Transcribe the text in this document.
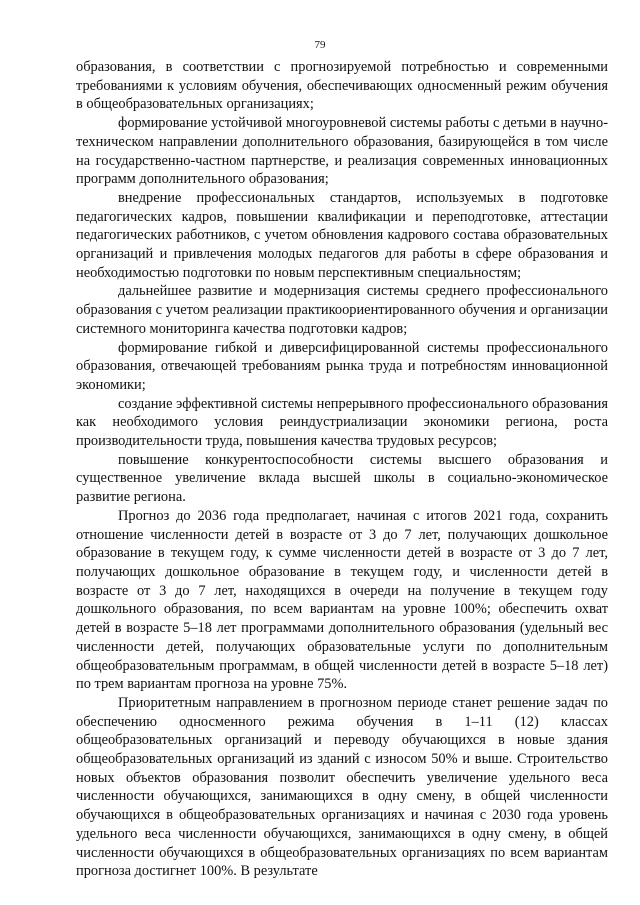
79

образования, в соответствии с прогнозируемой потребностью и современными требованиями к условиям обучения, обеспечивающих односменный режим обучения в общеобразовательных организациях;

формирование устойчивой многоуровневой системы работы с детьми в научно-техническом направлении дополнительного образования, базирующейся в том числе на государственно-частном партнерстве, и реализация современных инновационных программ дополнительного образования;

внедрение профессиональных стандартов, используемых в подготовке педагогических кадров, повышении квалификации и переподготовке, аттестации педагогических работников, с учетом обновления кадрового состава образовательных организаций и привлечения молодых педагогов для работы в сфере образования и необходимостью подготовки по новым перспективным специальностям;

дальнейшее развитие и модернизация системы среднего профессионального образования с учетом реализации практикоориентированного обучения и организации системного мониторинга качества подготовки кадров;

формирование гибкой и диверсифицированной системы профессионального образования, отвечающей требованиям рынка труда и потребностям инновационной экономики;

создание эффективной системы непрерывного профессионального образования как необходимого условия реиндустриализации экономики региона, роста производительности труда, повышения качества трудовых ресурсов;

повышение конкурентоспособности системы высшего образования и существенное увеличение вклада высшей школы в социально-экономическое развитие региона.

Прогноз до 2036 года предполагает, начиная с итогов 2021 года, сохранить отношение численности детей в возрасте от 3 до 7 лет, получающих дошкольное образование в текущем году, к сумме численности детей в возрасте от 3 до 7 лет, получающих дошкольное образование в текущем году, и численности детей в возрасте от 3 до 7 лет, находящихся в очереди на получение в текущем году дошкольного образования, по всем вариантам на уровне 100%; обеспечить охват детей в возрасте 5–18 лет программами дополнительного образования (удельный вес численности детей, получающих образовательные услуги по дополнительным общеобразовательным программам, в общей численности детей в возрасте 5–18 лет) по трем вариантам прогноза на уровне 75%.

Приоритетным направлением в прогнозном периоде станет решение задач по обеспечению односменного режима обучения в 1–11 (12) классах общеобразовательных организаций и переводу обучающихся в новые здания общеобразовательных организаций из зданий с износом 50% и выше. Строительство новых объектов образования позволит обеспечить увеличение удельного веса численности обучающихся, занимающихся в одну смену, в общей численности обучающихся в общеобразовательных организациях и начиная с 2030 года уровень удельного веса численности обучающихся, занимающихся в одну смену, в общей численности обучающихся в общеобразовательных организациях по всем вариантам прогноза достигнет 100%. В результате
